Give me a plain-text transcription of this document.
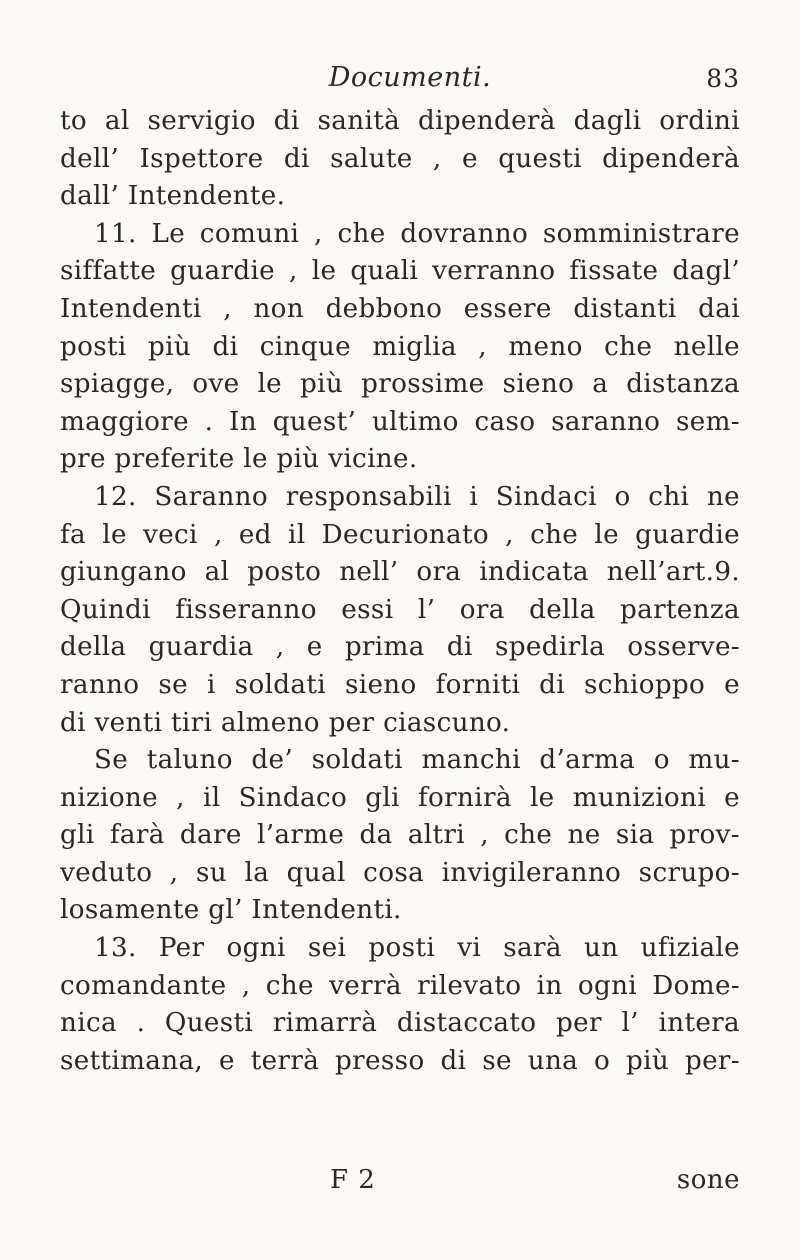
Documenti.	83
to al servigio di sanità dipenderà dagli ordini
dell’ Ispettore di salute , e questi dipenderà
dall’ Intendente.
11. Le comuni , che dovranno somministrare
siffatte guardie , le quali verranno fissate dagl’
Intendenti , non debbono essere distanti dai
posti più di cinque miglia , meno che nelle
spiagge, ove le più prossime sieno a distanza
maggiore . In quest’ ultimo caso saranno sem-
pre preferite le più vicine.
12. Saranno responsabili i Sindaci o chi ne
fa le veci , ed il Decurionato , che le guardie
giungano al posto nell’ ora indicata nell’art.9.
Quindi fisseranno essi l’ ora della partenza
della guardia , e prima di spedirla osserve-
ranno se i soldati sieno forniti di schioppo e
di venti tiri almeno per ciascuno.
Se taluno de’ soldati manchi d’arma o mu-
nizione , il Sindaco gli fornirà le munizioni e
gli farà dare l’arme da altri , che ne sia prov-
veduto , su la qual cosa invigileranno scrupo-
losamente gl’ Intendenti.
13. Per ogni sei posti vi sarà un ufiziale
comandante , che verrà rilevato in ogni Dome-
nica . Questi rimarrà distaccato per l’ intera
settimana, e terrà presso di se una o più per-
F 2	sone
